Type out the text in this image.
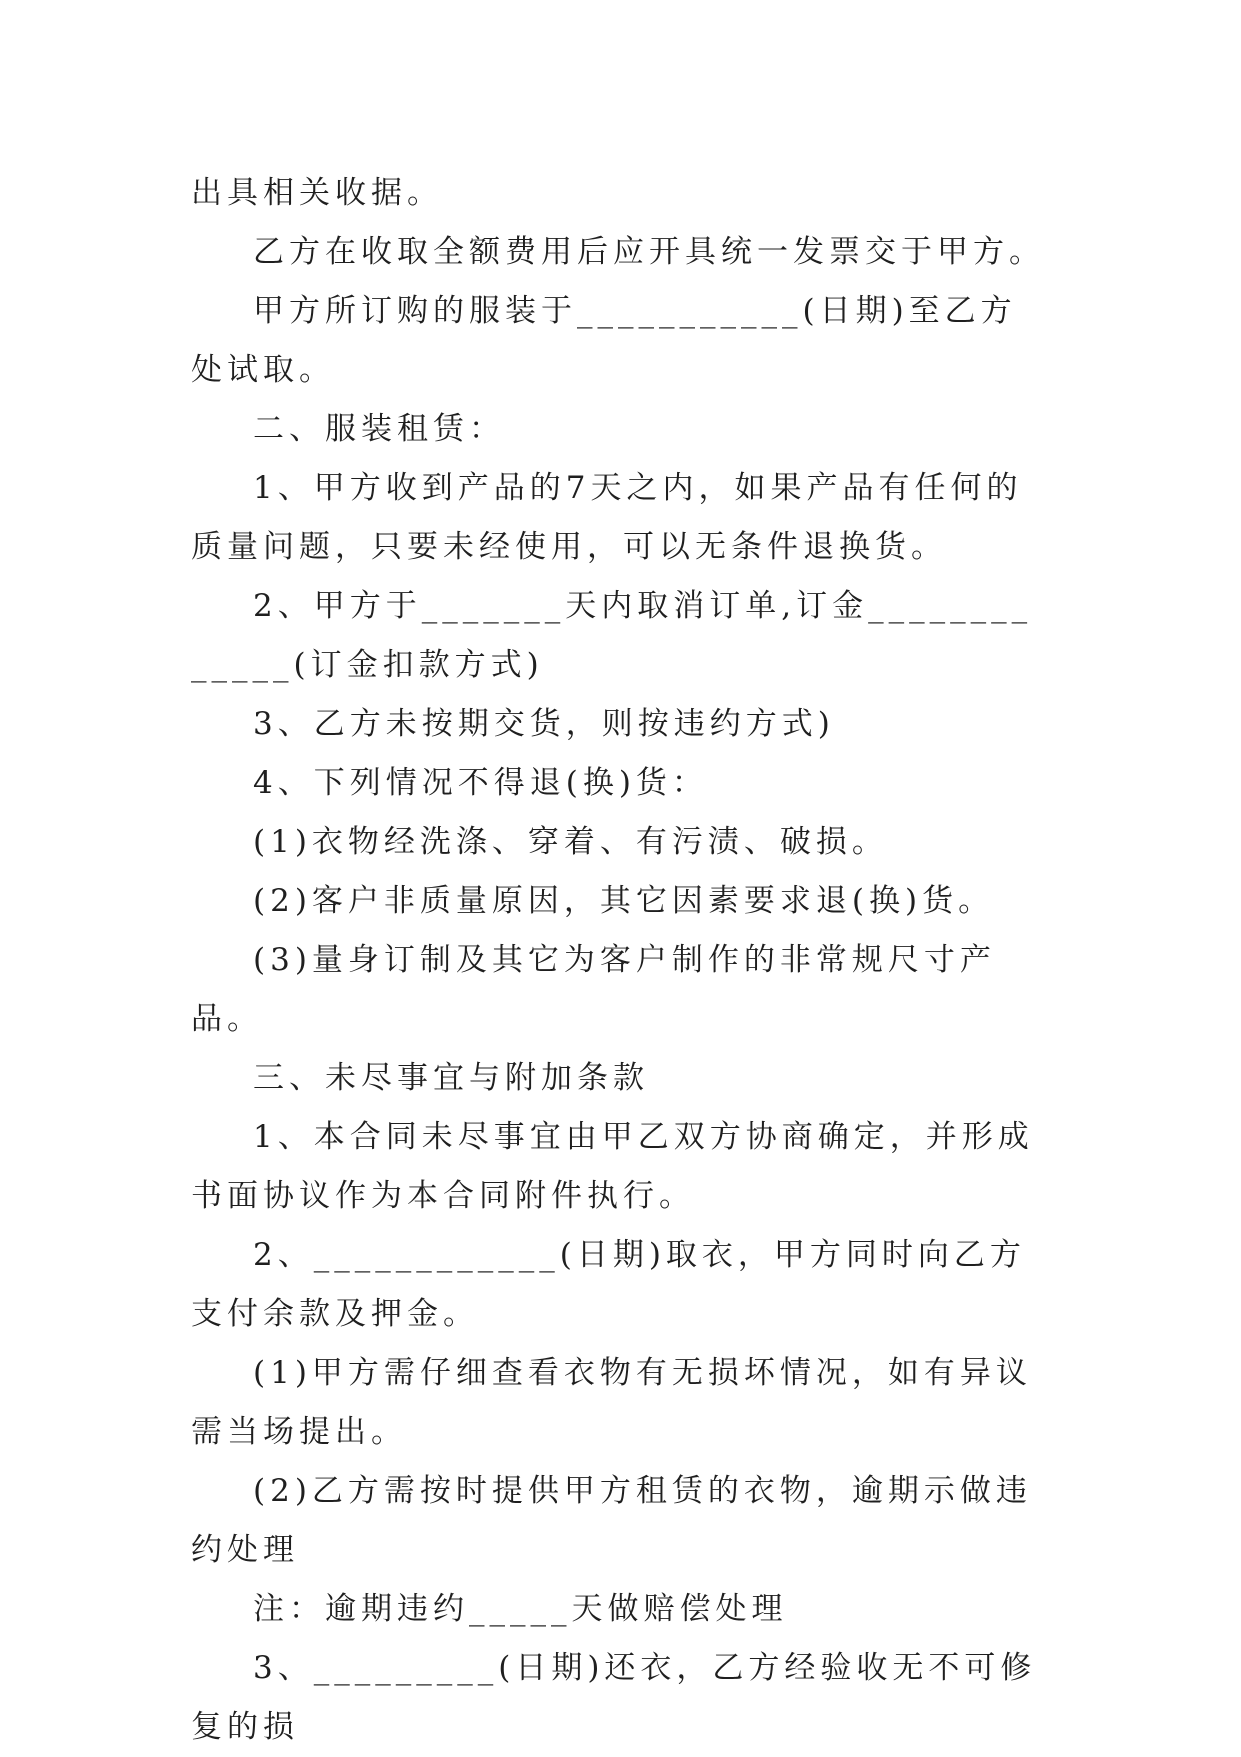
出具相关收据。

乙方在收取全额费用后应开具统一发票交于甲方。

甲方所订购的服装于___________(日期)至乙方处试取。

二、服装租赁：

1、甲方收到产品的7天之内，如果产品有任何的质量问题，只要未经使用，可以无条件退换货。

2、甲方于_______天内取消订单,订金_____________(订金扣款方式)

3、乙方未按期交货，则按违约方式)

4、下列情况不得退(换)货：

(1)衣物经洗涤、穿着、有污渍、破损。

(2)客户非质量原因，其它因素要求退(换)货。

(3)量身订制及其它为客户制作的非常规尺寸产品。

三、未尽事宜与附加条款

1、本合同未尽事宜由甲乙双方协商确定，并形成书面协议作为本合同附件执行。

2、____________(日期)取衣，甲方同时向乙方支付余款及押金。

(1)甲方需仔细查看衣物有无损坏情况，如有异议需当场提出。

(2)乙方需按时提供甲方租赁的衣物，逾期示做违约处理

注：逾期违约_____天做赔偿处理

3、_________(日期)还衣，乙方经验收无不可修复的损
